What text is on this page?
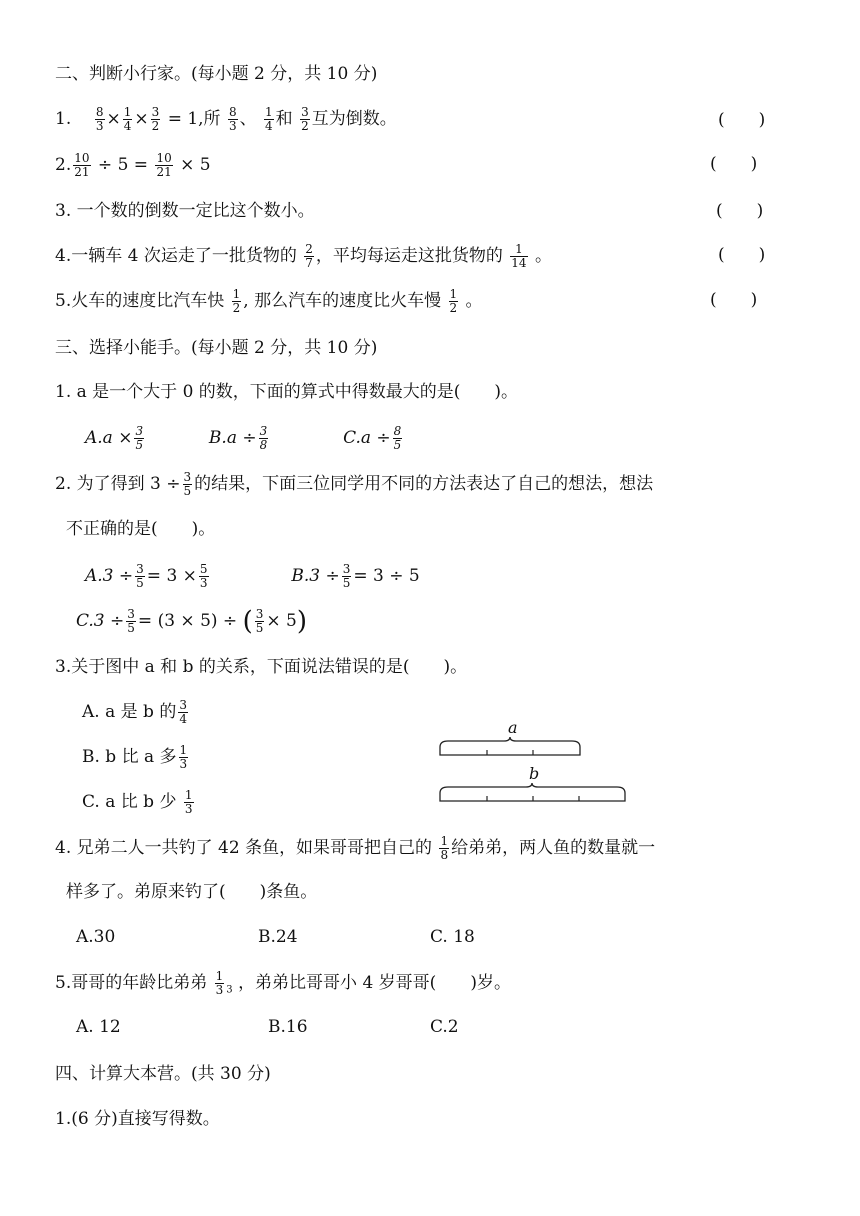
二、判断小行家。(每小题 2 分，共 10 分)
1. $\frac{8}{3} \times \frac{1}{4} \times \frac{3}{2} = 1$,所 $\frac{8}{3}$ 、 $\frac{1}{4}$ 和 $\frac{3}{2}$ 互为倒数。	(　　)
2. $\frac{10}{21} \div 5 = \frac{10}{21} \times 5$	(　　)
3. 一个数的倒数一定比这个数小。	(　　)
4.一辆车 4 次运走了一批货物的 $\frac{2}{7}$ ，平均每运走这批货物的 $\frac{1}{14}$ 。	(　　)
5.火车的速度比汽车快 $\frac{1}{2}$ , 那么汽车的速度比火车慢 $\frac{1}{2}$ 。	(　　)
三、选择小能手。(每小题 2 分，共 10 分)
1. a 是一个大于 0 的数，下面的算式中得数最大的是(　　)。
$A.a \times \frac{3}{5}$	$B.a \div \frac{3}{8}$	$C.a \div \frac{8}{5}$
2. 为了得到 $3 \div \frac{3}{5}$ 的结果，下面三位同学用不同的方法表达了自己的想法，想法
不正确的是(　　)。
$A.3 \div \frac{3}{5} = 3 \times \frac{5}{3}$	$B.3 \div \frac{3}{5} = 3 \div 5$
$C.3 \div \frac{3}{5} = (3 \times 5)$ ÷ ( $\frac{3}{5} \times 5$)
3.关于图中 a 和 b 的关系，下面说法错误的是(　　)。
A. a 是 b 的 $\frac{3}{4}$
B. b 比 a 多 $\frac{1}{3}$
C. a 比 b 少 $\frac{1}{3}$
a
b
4. 兄弟二人一共钓了 42 条鱼，如果哥哥把自己的 $\frac{1}{8}$ 给弟弟，两人鱼的数量就一
样多了。弟原来钓了(　　)条鱼。
A.30	B.24	C. 18
5.哥哥的年龄比弟弟 $\frac{1}{3} _3$ ，弟弟比哥哥小 4 岁哥哥(　　)岁。
A. 12	B.16	C.2
四、计算大本营。(共 30 分)
1.(6 分)直接写得数。
